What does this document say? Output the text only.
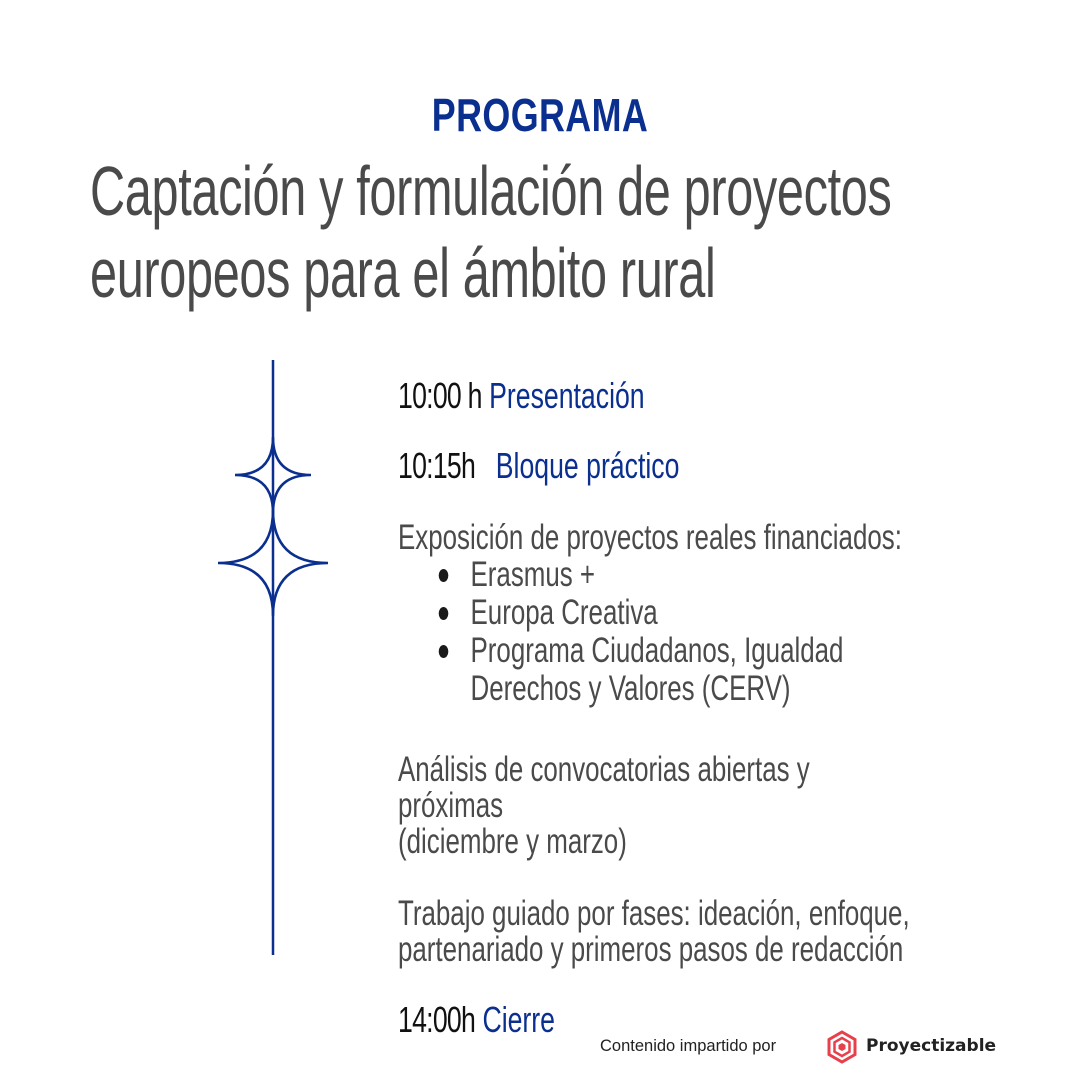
PROGRAMA
Captación y formulación de proyectos
europeos para el ámbito rural
10:00 h Presentación
10:15h Bloque práctico
Exposición de proyectos reales financiados:
Erasmus +
Europa Creativa
Programa Ciudadanos, Igualdad
Derechos y Valores (CERV)
Análisis de convocatorias abiertas y próximas
(diciembre y marzo)
Trabajo guiado por fases: ideación, enfoque,
partenariado y primeros pasos de redacción
14:00h Cierre
Contenido impartido por	Proyectizable
